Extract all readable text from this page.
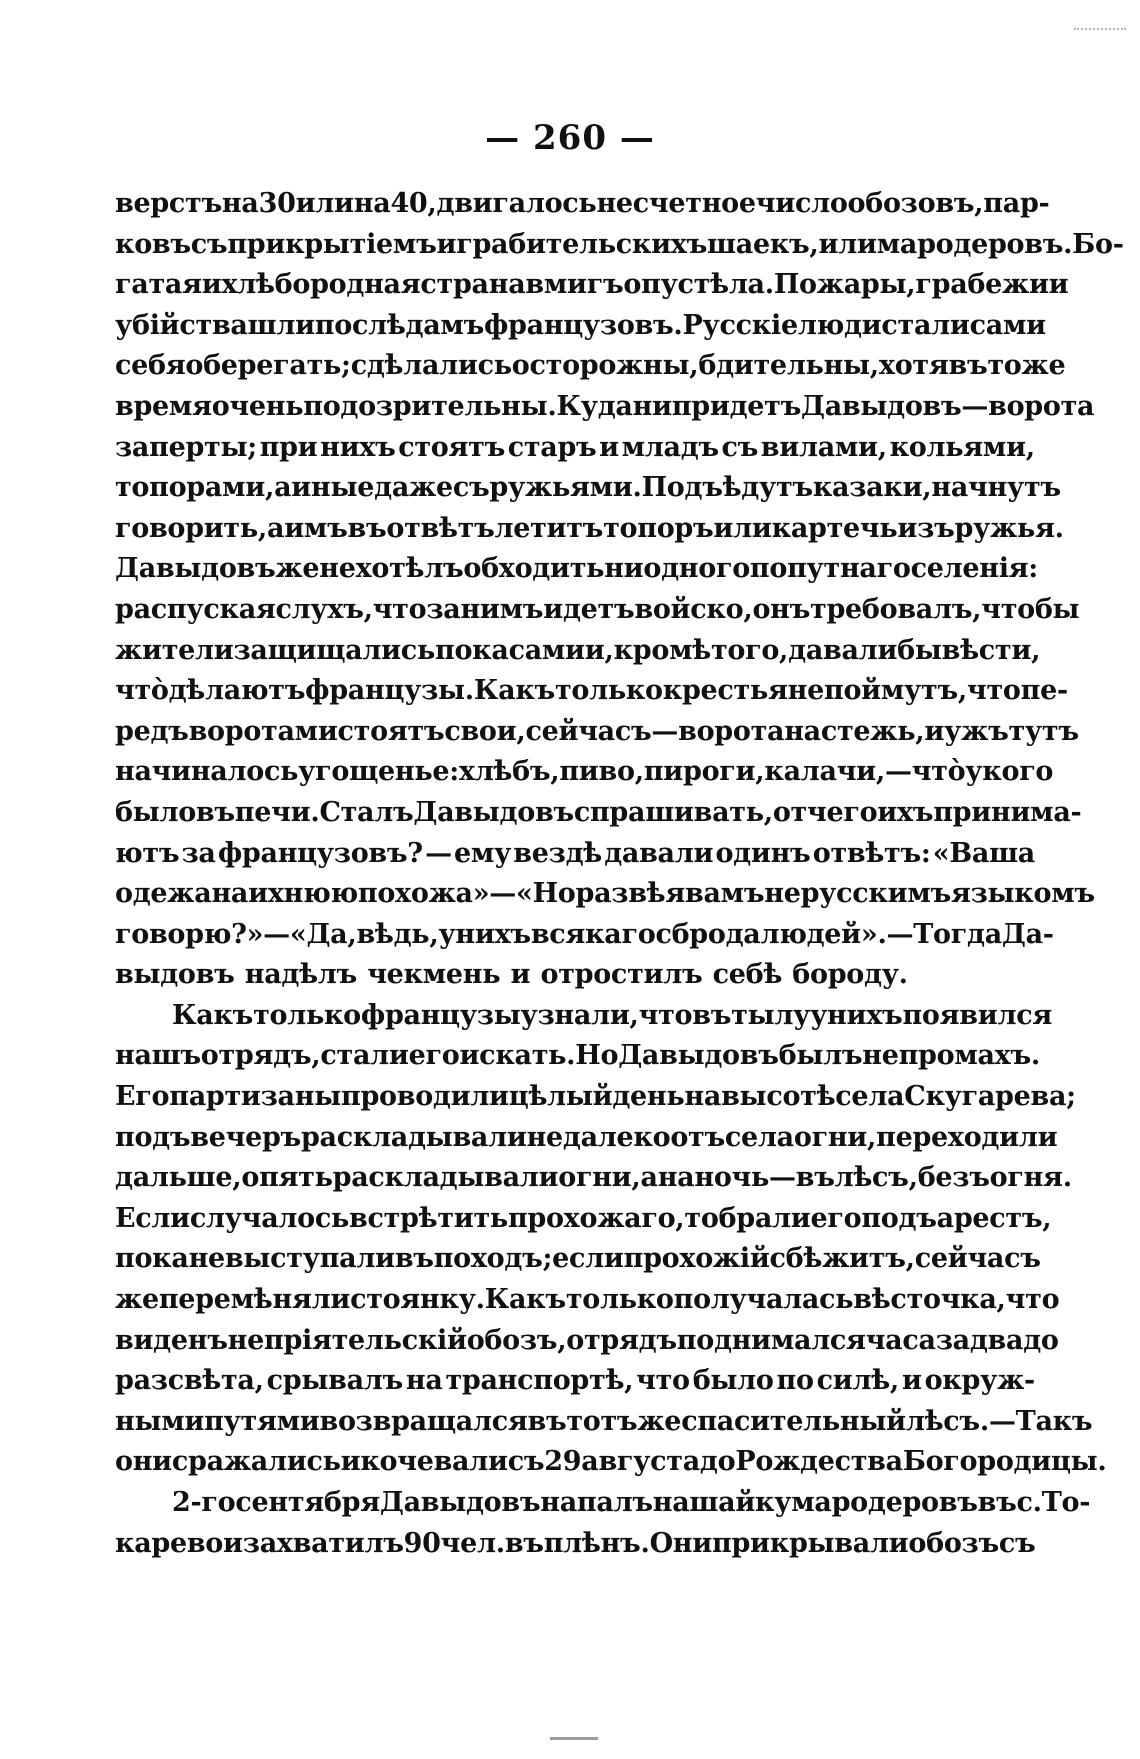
— 260 —
верстъ на 30 или на 40, двигалось несчетное число обозовъ, пар-
ковъ съ прикрытіемъ и грабительскихъ шаекъ, или мародеровъ. Бо-
гатая и хлѣбородная страна вмигъ опустѣла. Пожары, грабежи и
убійства шли по слѣдамъ французовъ. Русскіе люди стали сами
себя оберегать; сдѣлались осторожны, бдительны, хотя въ то же
время очень подозрительны. Куда ни придетъ Давыдовъ—ворота
заперты; при нихъ стоятъ старъ и младъ съ вилами, кольями,
топорами, а иные даже съ ружьями. Подъѣдутъ казаки, начнутъ
говорить, а имъ въ отвѣтъ летитъ топоръ или картечь изъ ружья.
Давыдовъ же не хотѣлъ обходить ни одного попутнаго селенія:
распуская слухъ, что за нимъ идетъ войско, онъ требовалъ, чтобы
жители защищались пока сами и, кромѣ того, давали бы вѣсти,
что̀ дѣлаютъ французы. Какъ только крестьяне поймутъ, что пе-
редъ воротами стоятъ свои, сейчасъ—ворота настежь, и ужъ тутъ
начиналось угощенье: хлѣбъ, пиво, пироги, калачи,—что̀ у кого
было въ печи. Сталъ Давыдовъ спрашивать, отчего ихъ принима-
ютъ за французовъ? — ему вездѣ давали одинъ отвѣтъ: «Ваша
одежа на ихнюю похожа»—«Но развѣ я вамъ не русскимъ языкомъ
говорю?»—«Да, вѣдь, у нихъ всякаго сброда людей».—Тогда Да-
выдовъ надѣлъ чекмень и отростилъ себѣ бороду.
Какъ только французы узнали, что въ тылу у нихъ появился
нашъ отрядъ, стали его искать. Но Давыдовъ былъ не промахъ.
Его партизаны проводили цѣлый день на высотѣ села Скугарева;
подъ вечеръ раскладывали недалеко отъ села огни, переходили
дальше, опять раскладывали огни, а на ночь—въ лѣсъ, безъ огня.
Если случалось встрѣтить прохожаго, то брали его подъ арестъ,
пока не выступали въ походъ; если прохожій сбѣжитъ, сейчасъ
же перемѣняли стоянку. Какъ только получалась вѣсточка, что
виденъ непріятельскій обозъ, отрядъ поднимался часа за два до
разсвѣта, срывалъ на транспортѣ, что было по силѣ, и окруж-
ными путями возвращался въ тотъ же спасительный лѣсъ.—Такъ
они сражались и кочевали съ 29 августа до Рождества Богородицы.
2-го сентября Давыдовъ напалъ на шайку мародеровъ въ с. То-
карево и захватилъ 90 чел. въ плѣнъ. Они прикрывали обозъ съ
